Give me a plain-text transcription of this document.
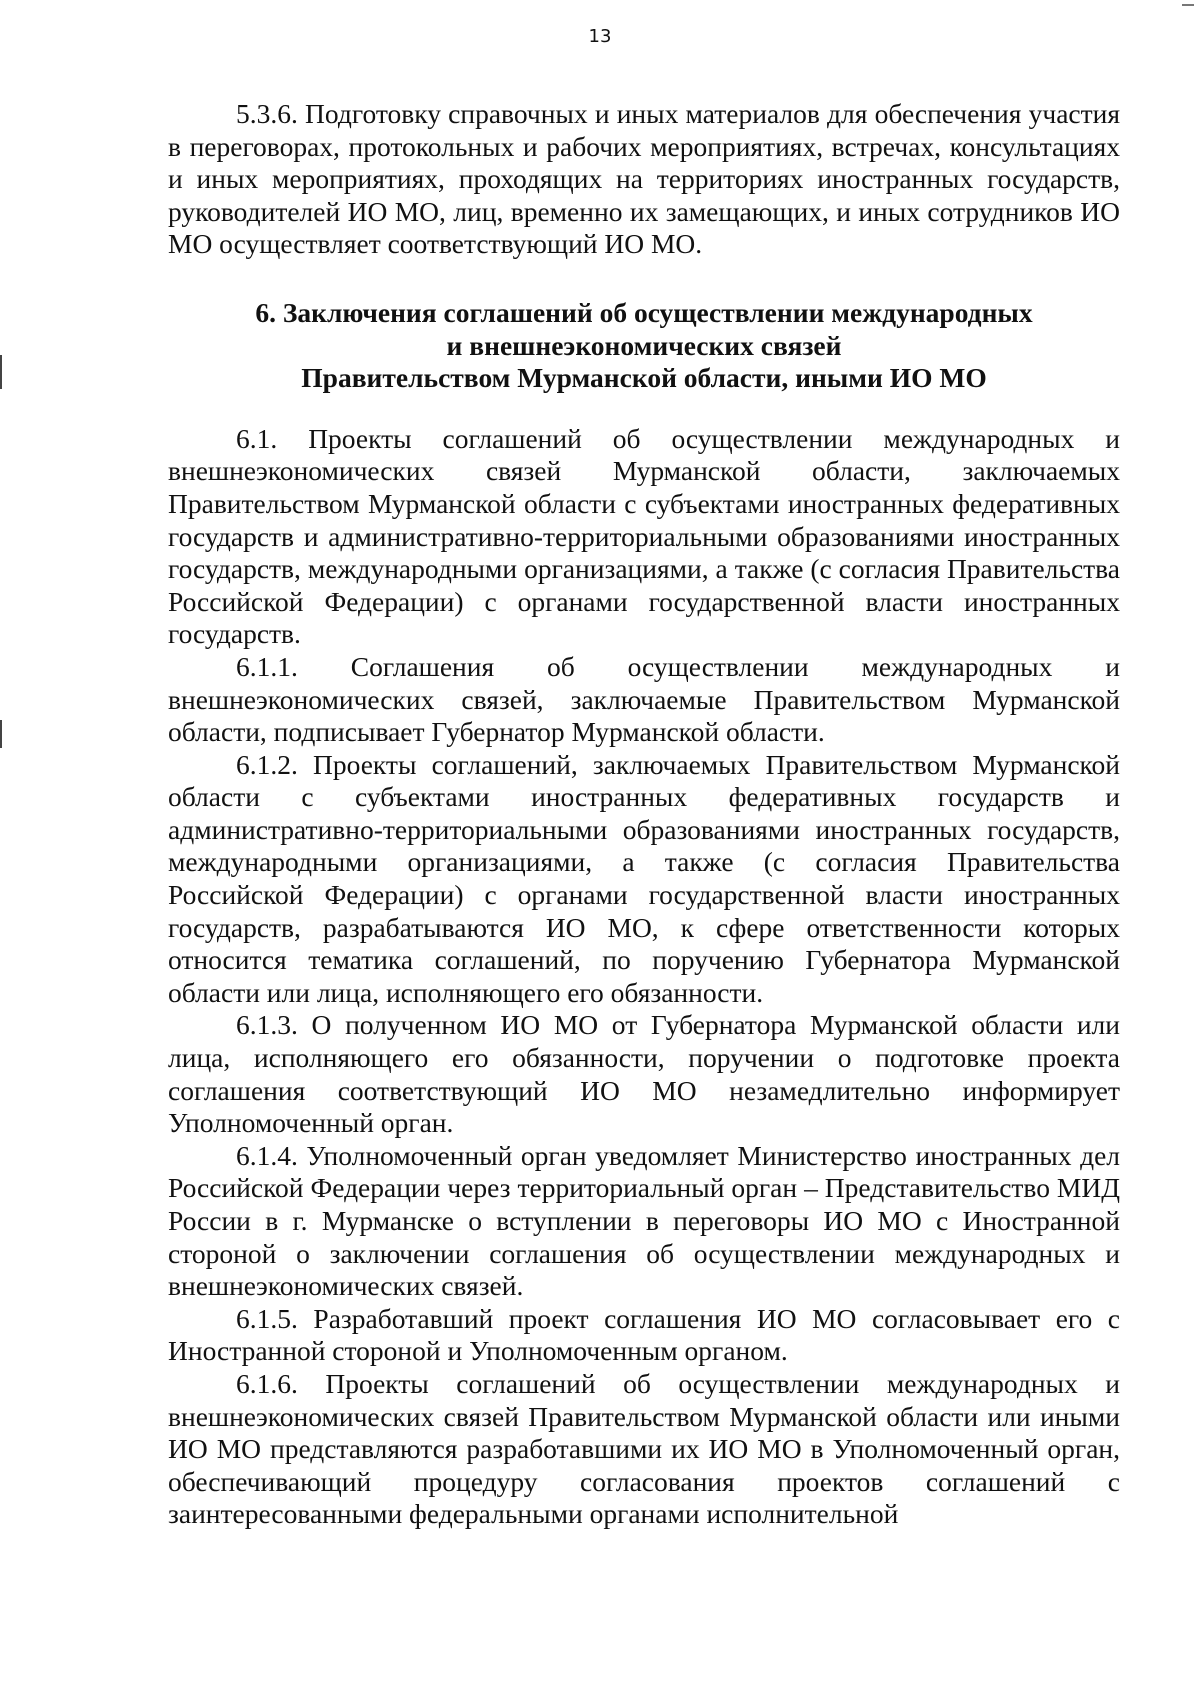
13

5.3.6. Подготовку справочных и иных материалов для обеспечения участия в переговорах, протокольных и рабочих мероприятиях, встречах, консультациях и иных мероприятиях, проходящих на территориях иностранных государств, руководителей ИО МО, лиц, временно их замещающих, и иных сотрудников ИО МО осуществляет соответствующий ИО МО.

6. Заключения соглашений об осуществлении международных
и внешнеэкономических связей
Правительством Мурманской области, иными ИО МО

6.1. Проекты соглашений об осуществлении международных и внешнеэкономических связей Мурманской области, заключаемых Правительством Мурманской области с субъектами иностранных федеративных государств и административно-территориальными образованиями иностранных государств, международными организациями, а также (с согласия Правительства Российской Федерации) с органами государственной власти иностранных государств.

6.1.1. Соглашения об осуществлении международных и внешнеэкономических связей, заключаемые Правительством Мурманской области, подписывает Губернатор Мурманской области.

6.1.2. Проекты соглашений, заключаемых Правительством Мурманской области с субъектами иностранных федеративных государств и административно-территориальными образованиями иностранных государств, международными организациями, а также (с согласия Правительства Российской Федерации) с органами государственной власти иностранных государств, разрабатываются ИО МО, к сфере ответственности которых относится тематика соглашений, по поручению Губернатора Мурманской области или лица, исполняющего его обязанности.

6.1.3. О полученном ИО МО от Губернатора Мурманской области или лица, исполняющего его обязанности, поручении о подготовке проекта соглашения соответствующий ИО МО незамедлительно информирует Уполномоченный орган.

6.1.4. Уполномоченный орган уведомляет Министерство иностранных дел Российской Федерации через территориальный орган – Представительство МИД России в г. Мурманске о вступлении в переговоры ИО МО с Иностранной стороной о заключении соглашения об осуществлении международных и внешнеэкономических связей.

6.1.5. Разработавший проект соглашения ИО МО согласовывает его с Иностранной стороной и Уполномоченным органом.

6.1.6. Проекты соглашений об осуществлении международных и внешнеэкономических связей Правительством Мурманской области или иными ИО МО представляются разработавшими их ИО МО в Уполномоченный орган, обеспечивающий процедуру согласования проектов соглашений с заинтересованными федеральными органами исполнительной
